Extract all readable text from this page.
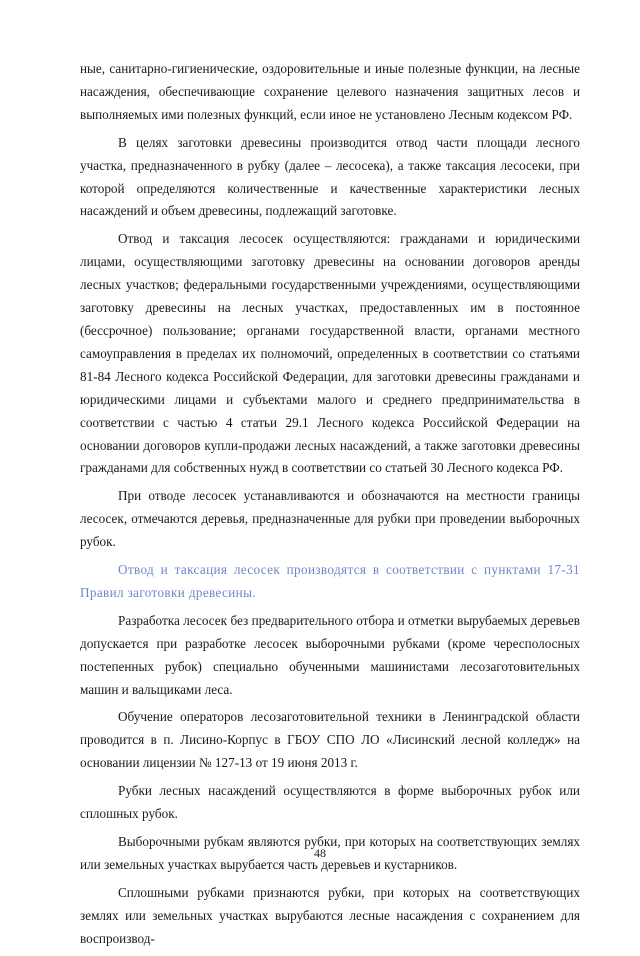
ные, санитарно-гигиенические, оздоровительные и иные полезные функции, на лесные насаждения, обеспечивающие сохранение целевого назначения защитных лесов и выполняемых ими полезных функций, если иное не установлено Лесным кодексом РФ.

В целях заготовки древесины производится отвод части площади лесного участка, предназначенного в рубку (далее – лесосека), а также таксация лесосеки, при которой определяются количественные и качественные характеристики лесных насаждений и объем древесины, подлежащий заготовке.

Отвод и таксация лесосек осуществляются: гражданами и юридическими лицами, осуществляющими заготовку древесины на основании договоров аренды лесных участков; федеральными государственными учреждениями, осуществляющими заготовку древесины на лесных участках, предоставленных им в постоянное (бессрочное) пользование; органами государственной власти, органами местного самоуправления в пределах их полномочий, определенных в соответствии со статьями 81-84 Лесного кодекса Российской Федерации, для заготовки древесины гражданами и юридическими лицами и субъектами малого и среднего предпринимательства в соответствии с частью 4 статьи 29.1 Лесного кодекса Российской Федерации на основании договоров купли-продажи лесных насаждений, а также заготовки древесины гражданами для собственных нужд в соответствии со статьей 30 Лесного кодекса РФ.

При отводе лесосек устанавливаются и обозначаются на местности границы лесосек, отмечаются деревья, предназначенные для рубки при проведении выборочных рубок.

Отвод и таксация лесосек производятся в соответствии с пунктами 17-31 Правил заготовки древесины.

Разработка лесосек без предварительного отбора и отметки вырубаемых деревьев допускается при разработке лесосек выборочными рубками (кроме чересполосных постепенных рубок) специально обученными машинистами лесозаготовительных машин и вальщиками леса.

Обучение операторов лесозаготовительной техники в Ленинградской области проводится в п. Лисино-Корпус в ГБОУ СПО ЛО «Лисинский лесной колледж» на основании лицензии № 127-13 от 19 июня 2013 г.

Рубки лесных насаждений осуществляются в форме выборочных рубок или сплошных рубок.

Выборочными рубкам являются рубки, при которых на соответствующих землях или земельных участках вырубается часть деревьев и кустарников.

Сплошными рубками признаются рубки, при которых на соответствующих землях или земельных участках вырубаются лесные насаждения с сохранением для воспроизвод-

48
